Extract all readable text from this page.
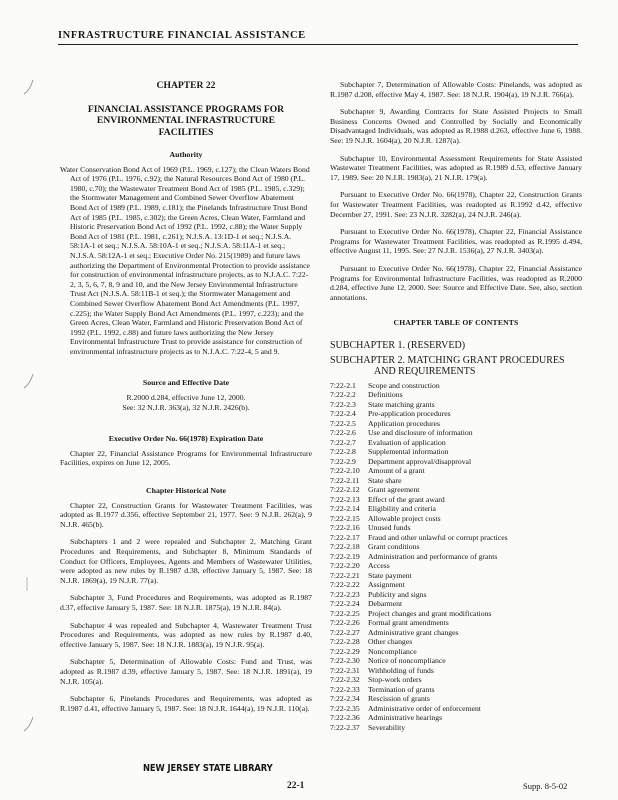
INFRASTRUCTURE FINANCIAL ASSISTANCE
CHAPTER 22
FINANCIAL ASSISTANCE PROGRAMS FOR
ENVIRONMENTAL INFRASTRUCTURE
FACILITIES
Authority
Water Conservation Bond Act of 1969 (P.L. 1969, c.127); the Clean Waters Bond Act of 1976 (P.L. 1976, c.92); the Natural Resources Bond Act of 1980 (P.L. 1980, c.70); the Wastewater Treatment Bond Act of 1985 (P.L. 1985, c.329); the Stormwater Management and Combined Sewer Overflow Abatement Bond Act of 1989 (P.L. 1989, c.181); the Pinelands Infrastructure Trust Bond Act of 1985 (P.L. 1985, c.302); the Green Acres, Clean Water, Farmland and Historic Preservation Bond Act of 1992 (P.L. 1992, c.88); the Water Supply Bond Act of 1981 (P.L. 1981, c.261); N.J.S.A. 13:1D-1 et seq.; N.J.S.A. 58:1A-1 et seq.; N.J.S.A. 58:10A-1 et seq.; N.J.S.A. 58:11A-1 et seq.; N.J.S.A. 58:12A-1 et seq.; Executive Order No. 215(1989) and future laws authorizing the Department of Environmental Protection to provide assistance for construction of environmental infrastructure projects, as to N.J.A.C. 7:22-2, 3, 5, 6, 7, 8, 9 and 10, and the New Jersey Environmental Infrastructure Trust Act (N.J.S.A. 58:11B-1 et seq.); the Stormwater Management and Combined Sewer Overflow Abatement Bond Act Amendments (P.L. 1997, c.225); the Water Supply Bond Act Amendments (P.L. 1997, c.223); and the Green Acres, Clean Water, Farmland and Historic Preservation Bond Act of 1992 (P.L. 1992, c.88) and future laws authorizing the New Jersey Environmental Infrastructure Trust to provide assistance for construction of environmental infrastructure projects as to N.J.A.C. 7:22-4, 5 and 9.
Source and Effective Date
R.2000 d.284, effective June 12, 2000.
See: 32 N.J.R. 363(a), 32 N.J.R. 2426(b).
Executive Order No. 66(1978) Expiration Date

Chapter 22, Financial Assistance Programs for Environmental Infrastructure Facilities, expires on June 12, 2005.

Chapter Historical Note

Chapter 22, Construction Grants for Wastewater Treatment Facilities, was adopted as R.1977 d.356, effective September 21, 1977. See: 9 N.J.R. 262(a), 9 N.J.R. 465(b).

Subchapters 1 and 2 were repealed and Subchapter 2, Matching Grant Procedures and Requirements, and Subchapter 8, Minimum Standards of Conduct for Officers, Employees, Agents and Members of Wastewater Utilities, were adopted as new rules by R.1987 d.38, effective January 5, 1987. See: 18 N.J.R. 1869(a), 19 N.J.R. 77(a).

Subchapter 3, Fund Procedures and Requirements, was adopted as R.1987 d.37, effective January 5, 1987. See: 18 N.J.R. 1875(a), 19 N.J.R. 84(a).

Subchapter 4 was repealed and Subchapter 4, Wastewater Treatment Trust Procedures and Requirements, was adopted as new rules by R.1987 d.40, effective January 5, 1987. See: 18 N.J.R. 1883(a), 19 N.J.R. 95(a).

Subchapter 5, Determination of Allowable Costs: Fund and Trust, was adopted as R.1987 d.39, effective January 5, 1987. See: 18 N.J.R. 1891(a), 19 N.J.R. 105(a).

Subchapter 6, Pinelands Procedures and Requirements, was adopted as R.1987 d.41, effective January 5, 1987. See: 18 N.J.R. 1644(a), 19 N.J.R. 110(a).

Subchapter 7, Determination of Allowable Costs: Pinelands, was adopted as R.1987 d.208, effective May 4, 1987. See: 18 N.J.R. 1904(a), 19 N.J.R. 766(a).

Subchapter 9, Awarding Contracts for State Assisted Projects to Small Business Concerns Owned and Controlled by Socially and Economically Disadvantaged Individuals, was adopted as R.1988 d.263, effective June 6, 1988. See: 19 N.J.R. 1604(a), 20 N.J.R. 1287(a).

Subchapter 10, Environmental Assessment Requirements for State Assisted Wastewater Treatment Facilities, was adopted as R.1989 d.53, effective January 17, 1989. See: 20 N.J.R. 1983(a), 21 N.J.R. 179(a).

Pursuant to Executive Order No. 66(1978), Chapter 22, Construction Grants for Wastewater Treatment Facilities, was readopted as R.1992 d.42, effective December 27, 1991. See: 23 N.J.R. 3282(a), 24 N.J.R. 246(a).

Pursuant to Executive Order No. 66(1978), Chapter 22, Financial Assistance Programs for Wastewater Treatment Facilities, was readopted as R.1995 d.494, effective August 11, 1995. See: 27 N.J.R. 1536(a), 27 N.J.R. 3403(a).

Pursuant to Executive Order No. 66(1978), Chapter 22, Financial Assistance Programs for Environmental Infrastructure Facilities, was readopted as R.2000 d.284, effective June 12, 2000. See: Source and Effective Date. See, also, section annotations.

CHAPTER TABLE OF CONTENTS
SUBCHAPTER 1. (RESERVED)
SUBCHAPTER 2. MATCHING GRANT PROCEDURES
AND REQUIREMENTS
7:22-2.1	Scope and construction
7:22-2.2	Definitions
7:22-2.3	State matching grants
7:22-2.4	Pre-application procedures
7:22-2.5	Application procedures
7:22-2.6	Use and disclosure of information
7:22-2.7	Evaluation of application
7:22-2.8	Supplemental information
7:22-2.9	Department approval/disapproval
7:22-2.10	Amount of a grant
7:22-2.11	State share
7:22-2.12	Grant agreement
7:22-2.13	Effect of the grant award
7:22-2.14	Eligibility and criteria
7:22-2.15	Allowable project costs
7:22-2.16	Unused funds
7:22-2.17	Fraud and other unlawful or corrupt practices
7:22-2.18	Grant conditions
7:22-2.19	Administration and performance of grants
7:22-2.20	Access
7:22-2.21	State payment
7:22-2.22	Assignment
7:22-2.23	Publicity and signs
7:22-2.24	Debarment
7:22-2.25	Project changes and grant modifications
7:22-2.26	Formal grant amendments
7:22-2.27	Administrative grant changes
7:22-2.28	Other changes
7:22-2.29	Noncompliance
7:22-2.30	Notice of noncompliance
7:22-2.31	Withholding of funds
7:22-2.32	Stop-work orders
7:22-2.33	Termination of grants
7:22-2.34	Rescission of grants
7:22-2.35	Administrative order of enforcement
7:22-2.36	Administrative hearings
7:22-2.37	Severability
NEW JERSEY STATE LIBRARY
22-1	Supp. 8-5-02
